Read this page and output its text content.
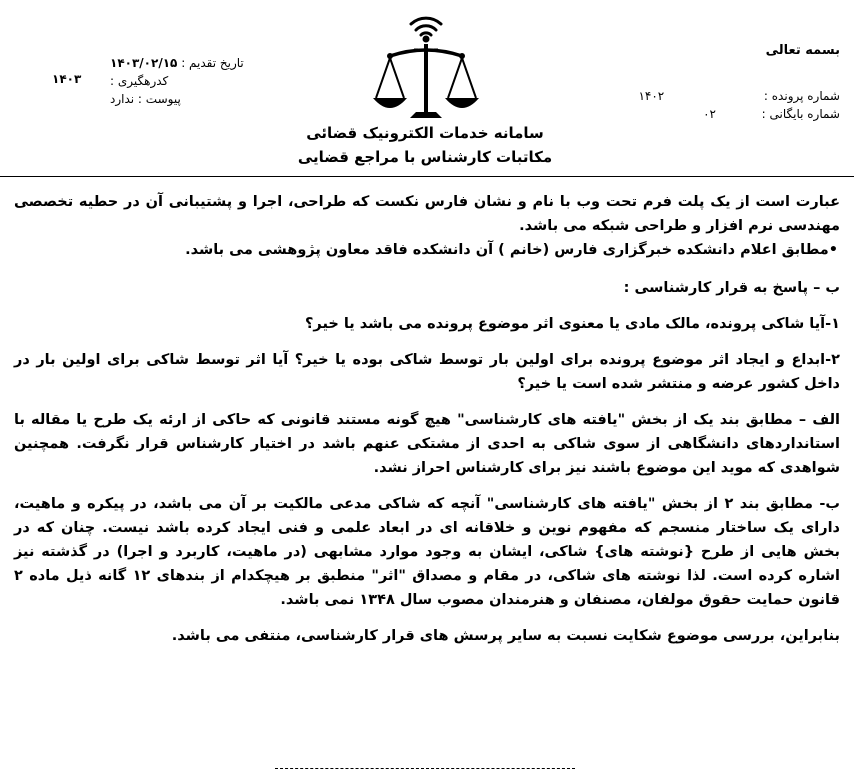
بسمه تعالی
شماره پرونده :  ۱۴۰۲
شماره بایگانی :  ۰۲
تاریخ تقدیم : ۱۴۰۳/۰۲/۱۵
کدرهگیری :
پیوست : ندارد
۱۴۰۳
سامانه خدمات الکترونیک قضائی
مکاتبات کارشناس با مراجع قضایی

عبارت است از یک پلت فرم تحت وب با نام و نشان فارس نکست که طراحی، اجرا و پشتیبانی آن در حطیه تخصصی مهندسی نرم افزار و طراحی شبکه می باشد.

•مطابق اعلام دانشکده خبرگزاری فارس (خانم ) آن دانشکده فاقد معاون پژوهشی می باشد.

ب – پاسخ به قرار کارشناسی :

۱-آیا شاکی پرونده، مالک مادی یا معنوی اثر موضوع پرونده می باشد یا خیر؟

۲-ابداع و ایجاد اثر موضوع پرونده برای اولین بار توسط شاکی بوده یا خیر؟ آیا اثر توسط شاکی برای اولین بار در داخل کشور عرضه و منتشر شده است یا خیر؟

الف – مطابق بند یک از بخش "یافته های کارشناسی" هیچ گونه مستند قانونی که حاکی از ارئه یک طرح یا مقاله با استانداردهای دانشگاهی از سوی شاکی به احدی از مشتکی عنهم باشد در اختیار کارشناس قرار نگرفت. همچنین شواهدی که موید این موضوع باشند نیز برای کارشناس احراز نشد.

ب- مطابق بند ۲ از بخش "یافته های کارشناسی" آنچه که شاکی مدعی مالکیت بر آن می باشد، در پیکره و ماهیت، دارای یک ساختار منسجم که مفهوم نوین و خلاقانه ای در ابعاد علمی و فنی ایجاد کرده باشد نیست. چنان که در بخش هایی از طرح {نوشته های} شاکی، ایشان به وجود موارد مشابهی (در ماهیت، کاربرد و اجرا) در گذشته نیز اشاره کرده است. لذا نوشته های شاکی، در مقام و مصداق "اثر" منطبق بر هیچکدام از بندهای ۱۲ گانه ذیل ماده ۲ قانون حمایت حقوق مولفان، مصنفان و هنرمندان مصوب سال ۱۳۴۸ نمی باشد.

بنابراین، بررسی موضوع شکایت نسبت به سایر پرسش های قرار کارشناسی، منتفی می باشد.
